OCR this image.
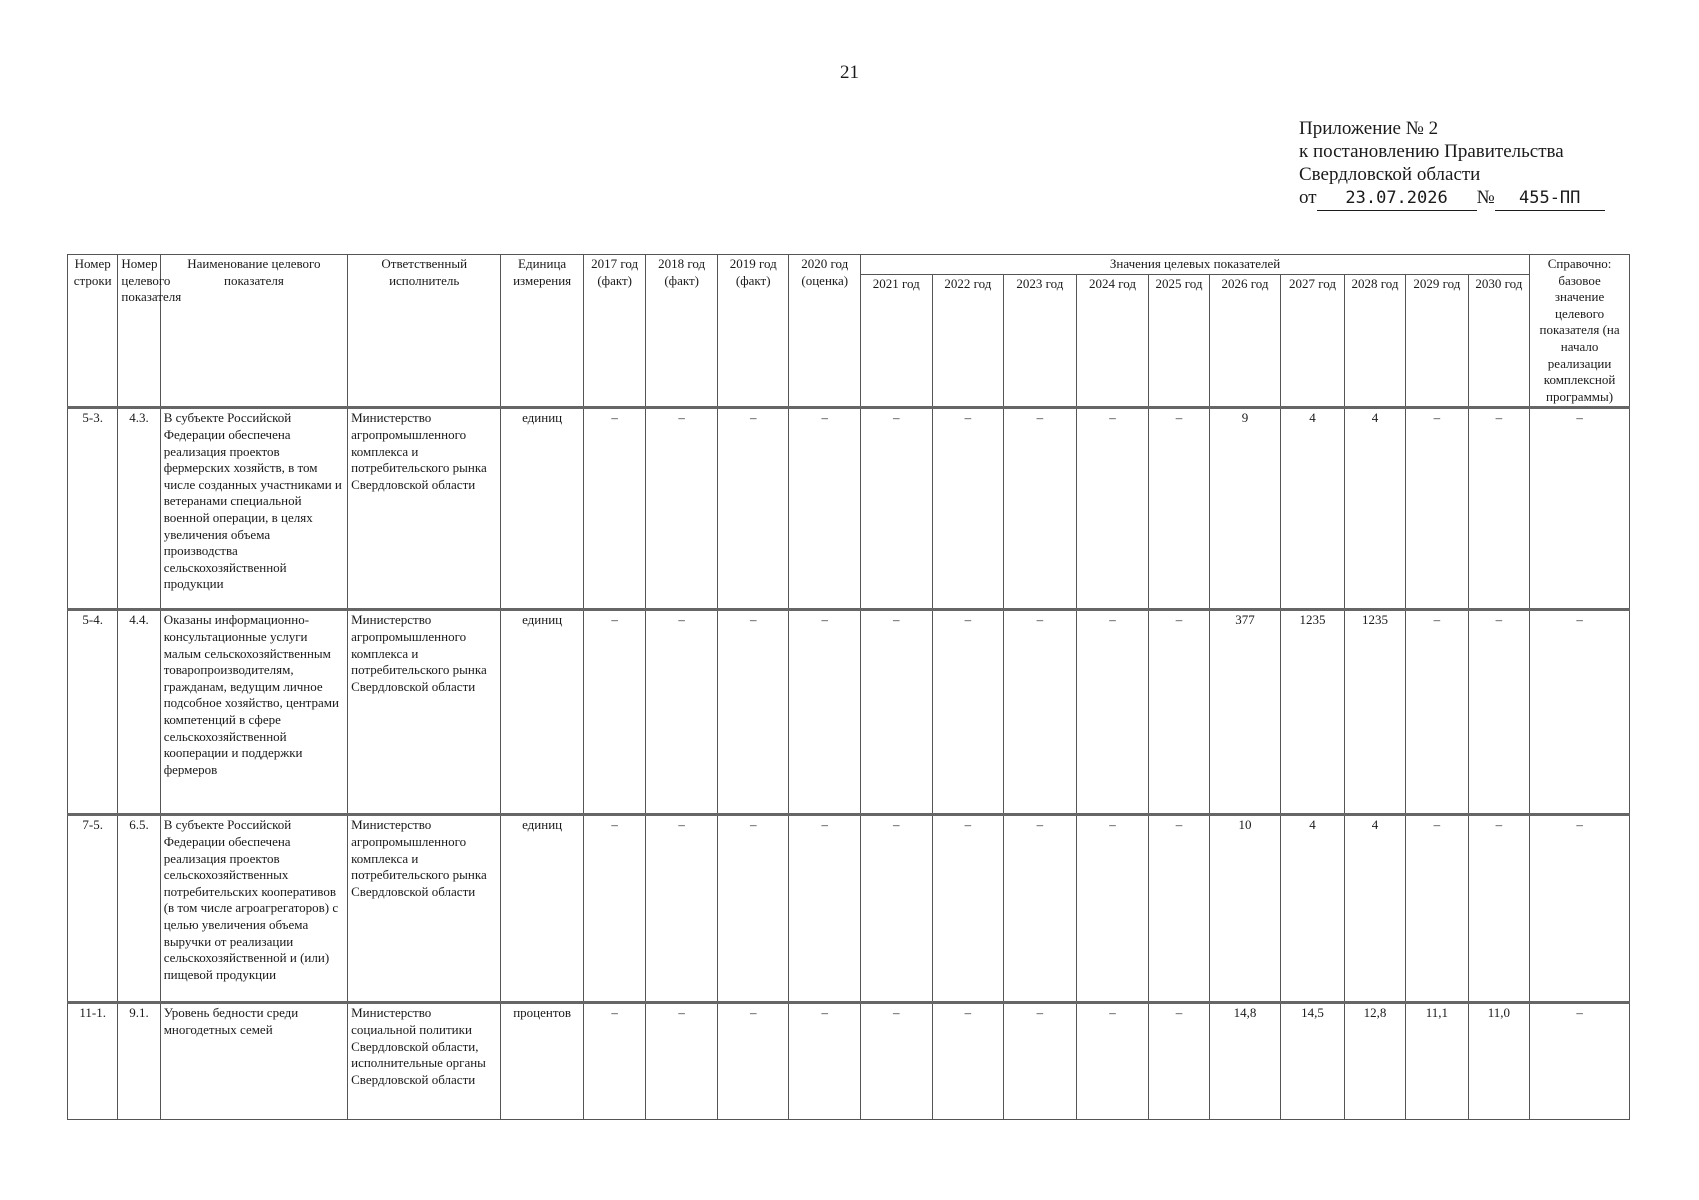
21
Приложение № 2
к постановлению Правительства
Свердловской области
от 23.07.2026 № 455-ПП
Номер строки	Номер целевого показателя	Наименование целевого показателя	Ответственный исполнитель	Единица измерения	2017 год (факт)	2018 год (факт)	2019 год (факт)	2020 год (оценка)	Значения целевых показателей										Справочно: базовое значение целевого показателя (на начало реализации комплексной программы)
									2021 год	2022 год	2023 год	2024 год	2025 год	2026 год	2027 год	2028 год	2029 год	2030 год	
5-3.	4.3.	В субъекте Российской Федерации обеспечена реализация проектов фермерских хозяйств, в том числе созданных участниками и ветеранами специальной военной операции, в целях увеличения объема производства сельскохозяйственной продукции	Министерство агропромышленного комплекса и потребительского рынка Свердловской области	единиц	–	–	–	–	–	–	–	–	–	9	4	4	–	–	–
5-4.	4.4.	Оказаны информационно-консультационные услуги малым сельскохозяйственным товаропроизводителям, гражданам, ведущим личное подсобное хозяйство, центрами компетенций в сфере сельскохозяйственной кооперации и поддержки фермеров	Министерство агропромышленного комплекса и потребительского рынка Свердловской области	единиц	–	–	–	–	–	–	–	–	–	377	1235	1235	–	–	–
7-5.	6.5.	В субъекте Российской Федерации обеспечена реализация проектов сельскохозяйственных потребительских кооперативов (в том числе агроагрегаторов) с целью увеличения объема выручки от реализации сельскохозяйственной и (или) пищевой продукции	Министерство агропромышленного комплекса и потребительского рынка Свердловской области	единиц	–	–	–	–	–	–	–	–	–	10	4	4	–	–	–
11-1.	9.1.	Уровень бедности среди многодетных семей	Министерство социальной политики Свердловской области, исполнительные органы Свердловской области	процентов	–	–	–	–	–	–	–	–	–	14,8	14,5	12,8	11,1	11,0	–
